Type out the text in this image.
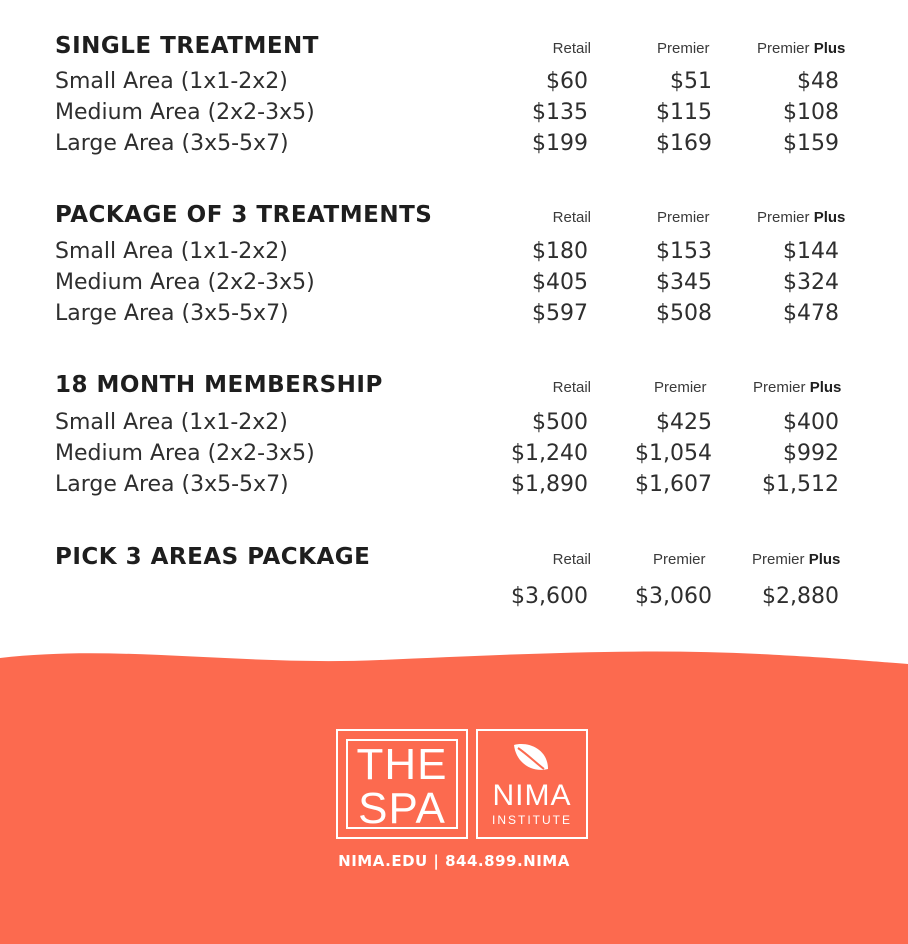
SINGLE TREATMENT	Retail	Premier	Premier Plus
Small Area (1x1-2x2)	$60	$51	$48
Medium Area (2x2-3x5)	$135	$115	$108
Large Area (3x5-5x7)	$199	$169	$159
PACKAGE OF 3 TREATMENTS	Retail	Premier	Premier Plus
Small Area (1x1-2x2)	$180	$153	$144
Medium Area (2x2-3x5)	$405	$345	$324
Large Area (3x5-5x7)	$597	$508	$478
18 MONTH MEMBERSHIP	Retail	Premier	Premier Plus
Small Area (1x1-2x2)	$500	$425	$400
Medium Area (2x2-3x5)	$1,240 $1,054	$992
Large Area (3x5-5x7)	$1,890 $1,607 $1,512
PICK 3 AREAS PACKAGE	Retail	Premier	Premier Plus
$3,600 $3,060 $2,880
THE
SPA	NIMA
INSTITUTE
NIMA.EDU | 844.899.NIMA
